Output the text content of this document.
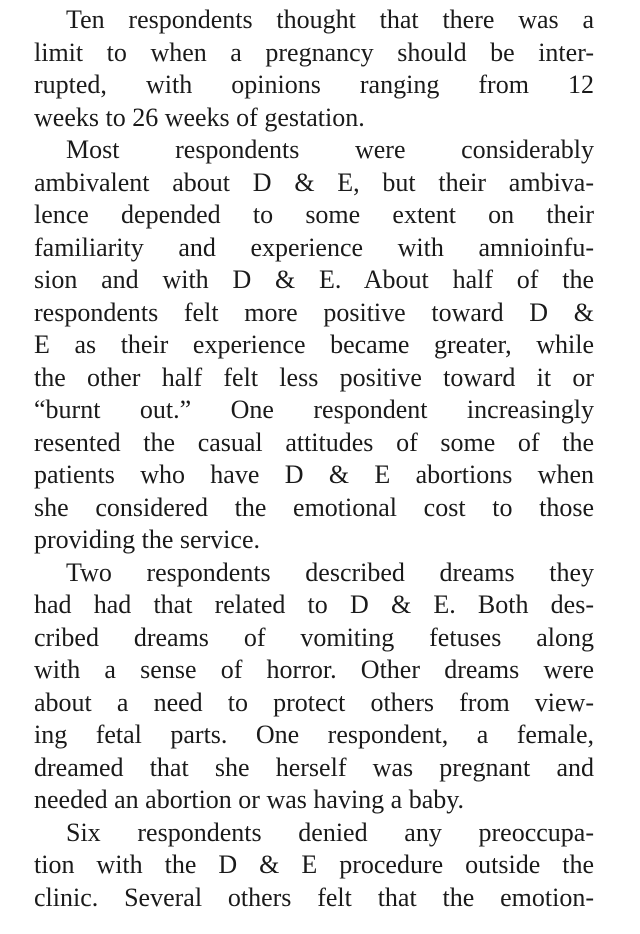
Ten respondents thought that there was a
limit to when a pregnancy should be inter-
rupted, with opinions ranging from 12
weeks to 26 weeks of gestation.
Most respondents were considerably
ambivalent about D & E, but their ambiva-
lence depended to some extent on their
familiarity and experience with amnioinfu-
sion and with D & E. About half of the
respondents felt more positive toward D &
E as their experience became greater, while
the other half felt less positive toward it or
“burnt out.” One respondent increasingly
resented the casual attitudes of some of the
patients who have D & E abortions when
she considered the emotional cost to those
providing the service.
Two respondents described dreams they
had had that related to D & E. Both des-
cribed dreams of vomiting fetuses along
with a sense of horror. Other dreams were
about a need to protect others from view-
ing fetal parts. One respondent, a female,
dreamed that she herself was pregnant and
needed an abortion or was having a baby.
Six respondents denied any preoccupa-
tion with the D & E procedure outside the
clinic. Several others felt that the emotion-
